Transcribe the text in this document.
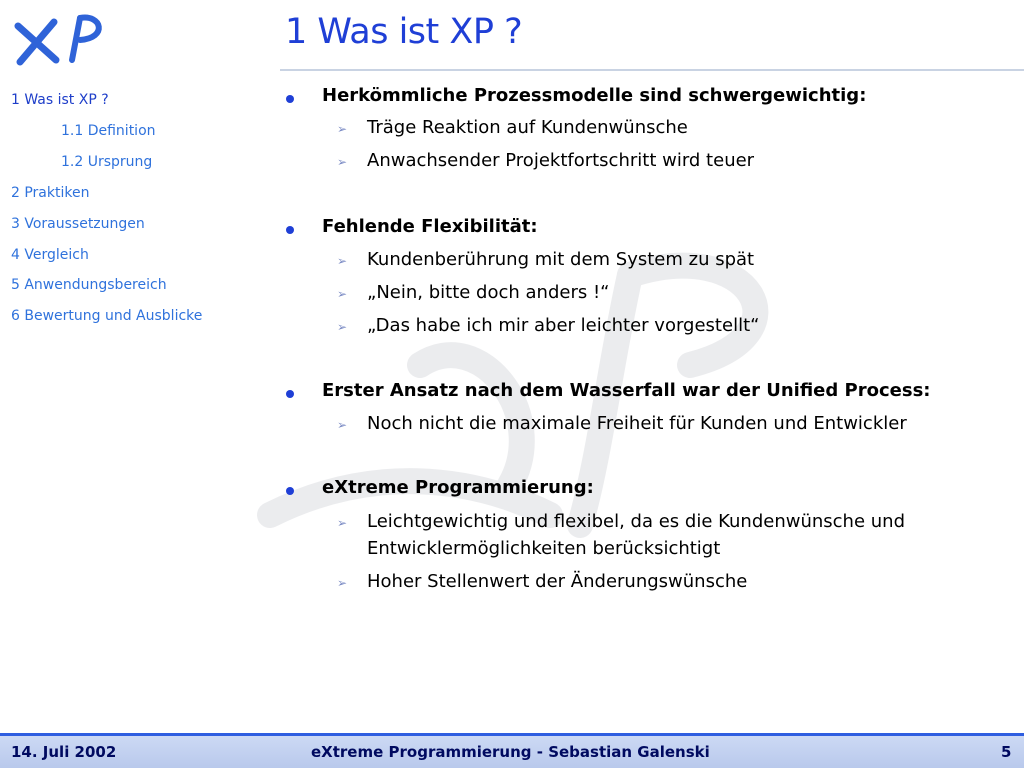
1 Was ist XP ?
1 Was ist XP ?
1.1 Definition
1.2 Ursprung
2 Praktiken
3 Voraussetzungen
4 Vergleich
5 Anwendungsbereich
6 Bewertung und Ausblicke
Herkömmliche Prozessmodelle sind schwergewichtig:
➢ Träge Reaktion auf Kundenwünsche
➢ Anwachsender Projektfortschritt wird teuer
Fehlende Flexibilität:
➢ Kundenberührung mit dem System zu spät
➢ „Nein, bitte doch anders !“
➢ „Das habe ich mir aber leichter vorgestellt“
Erster Ansatz nach dem Wasserfall war der Unified Process:
➢ Noch nicht die maximale Freiheit für Kunden und Entwickler
eXtreme Programmierung:
➢ Leichtgewichtig und flexibel, da es die Kundenwünsche und
Entwicklermöglichkeiten berücksichtigt
➢ Hoher Stellenwert der Änderungswünsche
14. Juli 2002	eXtreme Programmierung - Sebastian Galenski	5
